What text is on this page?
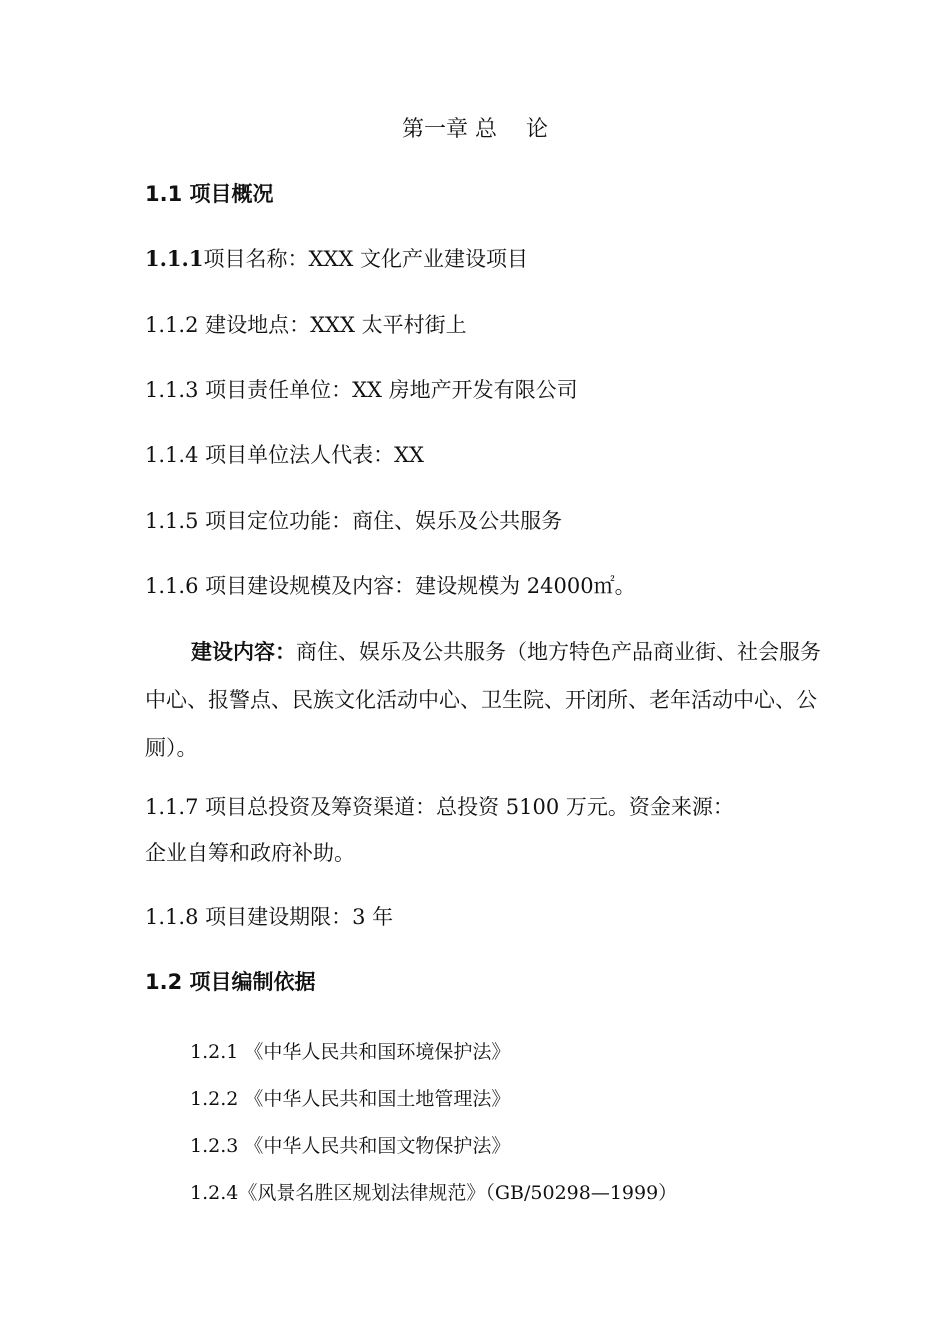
第一章 总　 论
1.1 项目概况
1.1.1项目名称：XXX 文化产业建设项目
1.1.2 建设地点：XXX 太平村街上
1.1.3 项目责任单位：XX 房地产开发有限公司
1.1.4 项目单位法人代表：XX
1.1.5 项目定位功能：商住、娱乐及公共服务
1.1.6 项目建设规模及内容：建设规模为 24000㎡。
建设内容：商住、娱乐及公共服务（地方特色产品商业街、社会服务中心、报警点、民族文化活动中心、卫生院、开闭所、老年活动中心、公厕）。
1.1.7 项目总投资及筹资渠道：总投资 5100 万元。资金来源：
企业自筹和政府补助。
1.1.8 项目建设期限：3 年
1.2 项目编制依据
1.2.1 《中华人民共和国环境保护法》
1.2.2 《中华人民共和国土地管理法》
1.2.3 《中华人民共和国文物保护法》
1.2.4《风景名胜区规划法律规范》（GB/50298—1999）
